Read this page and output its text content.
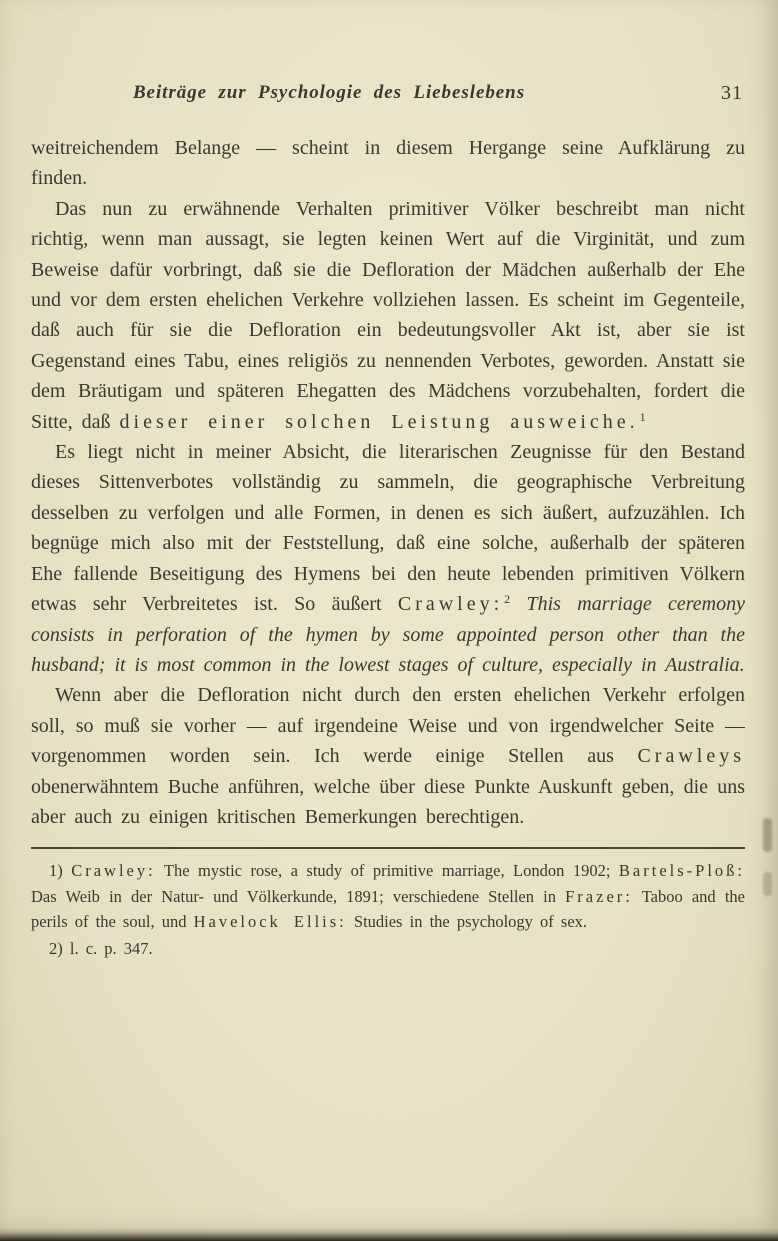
Beiträge zur Psychologie des Liebeslebens	31

weitreichendem Belange — scheint in diesem Hergange seine Aufklärung zu finden.

Das nun zu erwähnende Verhalten primitiver Völker beschreibt man nicht richtig, wenn man aussagt, sie legten keinen Wert auf die Virginität, und zum Beweise dafür vorbringt, daß sie die Defloration der Mädchen außerhalb der Ehe und vor dem ersten ehelichen Verkehre vollziehen lassen. Es scheint im Gegenteile, daß auch für sie die Defloration ein bedeutungsvoller Akt ist, aber sie ist Gegenstand eines Tabu, eines religiös zu nennenden Verbotes, geworden. Anstatt sie dem Bräutigam und späteren Ehegatten des Mädchens vorzubehalten, fordert die Sitte, daß dieser einer solchen Leistung ausweiche.$^1$

Es liegt nicht in meiner Absicht, die literarischen Zeugnisse für den Bestand dieses Sittenverbotes vollständig zu sammeln, die geographische Verbreitung desselben zu verfolgen und alle Formen, in denen es sich äußert, aufzuzählen. Ich begnüge mich also mit der Feststellung, daß eine solche, außerhalb der späteren Ehe fallende Beseitigung des Hymens bei den heute lebenden primitiven Völkern etwas sehr Verbreitetes ist. So äußert Crawley:$^2$ This marriage ceremony consists in perforation of the hymen by some appointed person other than the husband; it is most common in the lowest stages of culture, especially in Australia.

Wenn aber die Defloration nicht durch den ersten ehelichen Verkehr erfolgen soll, so muß sie vorher — auf irgendeine Weise und von irgendwelcher Seite — vorgenommen worden sein. Ich werde einige Stellen aus Crawleys obenerwähntem Buche anführen, welche über diese Punkte Auskunft geben, die uns aber auch zu einigen kritischen Bemerkungen berechtigen.

1) Crawley: The mystic rose, a study of primitive marriage, London 1902; Bartels-Ploß: Das Weib in der Natur- und Völkerkunde, 1891; verschiedene Stellen in Frazer: Taboo and the perils of the soul, und Havelock Ellis: Studies in the psychology of sex.

2) l. c. p. 347.
